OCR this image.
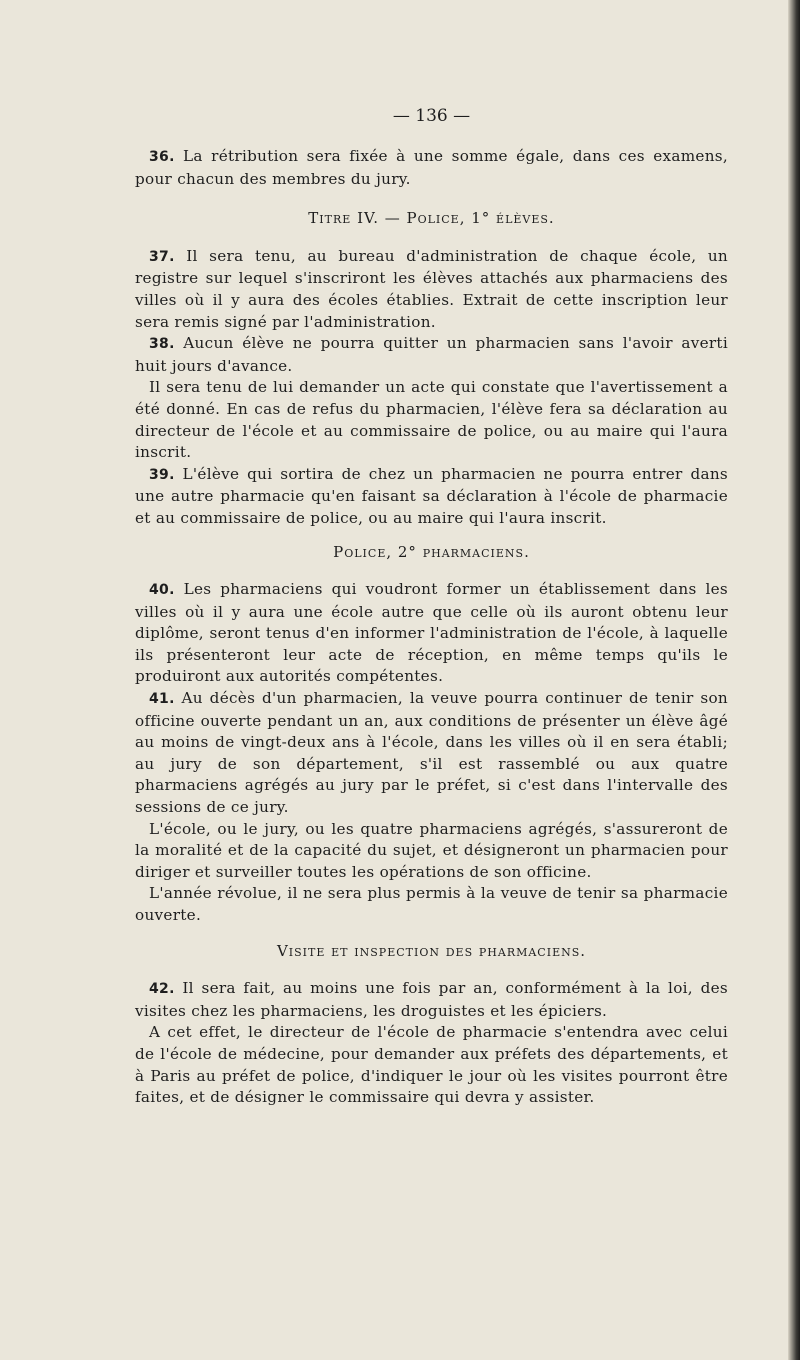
— 136 —

36. La rétribution sera fixée à une somme égale, dans ces examens, pour chacun des membres du jury.

Titre IV. — Police, 1° élèves.

37. Il sera tenu, au bureau d'administration de chaque école, un registre sur lequel s'inscriront les élèves attachés aux pharmaciens des villes où il y aura des écoles établies. Extrait de cette inscription leur sera remis signé par l'administration.

38. Aucun élève ne pourra quitter un pharmacien sans l'avoir averti huit jours d'avance.

Il sera tenu de lui demander un acte qui constate que l'avertissement a été donné. En cas de refus du pharmacien, l'élève fera sa déclaration au directeur de l'école et au commissaire de police, ou au maire qui l'aura inscrit.

39. L'élève qui sortira de chez un pharmacien ne pourra entrer dans une autre pharmacie qu'en faisant sa déclaration à l'école de pharmacie et au commissaire de police, ou au maire qui l'aura inscrit.

Police, 2° pharmaciens.

40. Les pharmaciens qui voudront former un établissement dans les villes où il y aura une école autre que celle où ils auront obtenu leur diplôme, seront tenus d'en informer l'administration de l'école, à laquelle ils présenteront leur acte de réception, en même temps qu'ils le produiront aux autorités compétentes.

41. Au décès d'un pharmacien, la veuve pourra continuer de tenir son officine ouverte pendant un an, aux conditions de présenter un élève âgé au moins de vingt-deux ans à l'école, dans les villes où il en sera établi; au jury de son département, s'il est rassemblé ou aux quatre pharmaciens agrégés au jury par le préfet, si c'est dans l'intervalle des sessions de ce jury.

L'école, ou le jury, ou les quatre pharmaciens agrégés, s'assureront de la moralité et de la capacité du sujet, et désigneront un pharmacien pour diriger et surveiller toutes les opérations de son officine.

L'année révolue, il ne sera plus permis à la veuve de tenir sa pharmacie ouverte.

Visite et inspection des pharmaciens.

42. Il sera fait, au moins une fois par an, conformément à la loi, des visites chez les pharmaciens, les droguistes et les épiciers.

A cet effet, le directeur de l'école de pharmacie s'entendra avec celui de l'école de médecine, pour demander aux préfets des départements, et à Paris au préfet de police, d'indiquer le jour où les visites pourront être faites, et de désigner le commissaire qui devra y assister.
